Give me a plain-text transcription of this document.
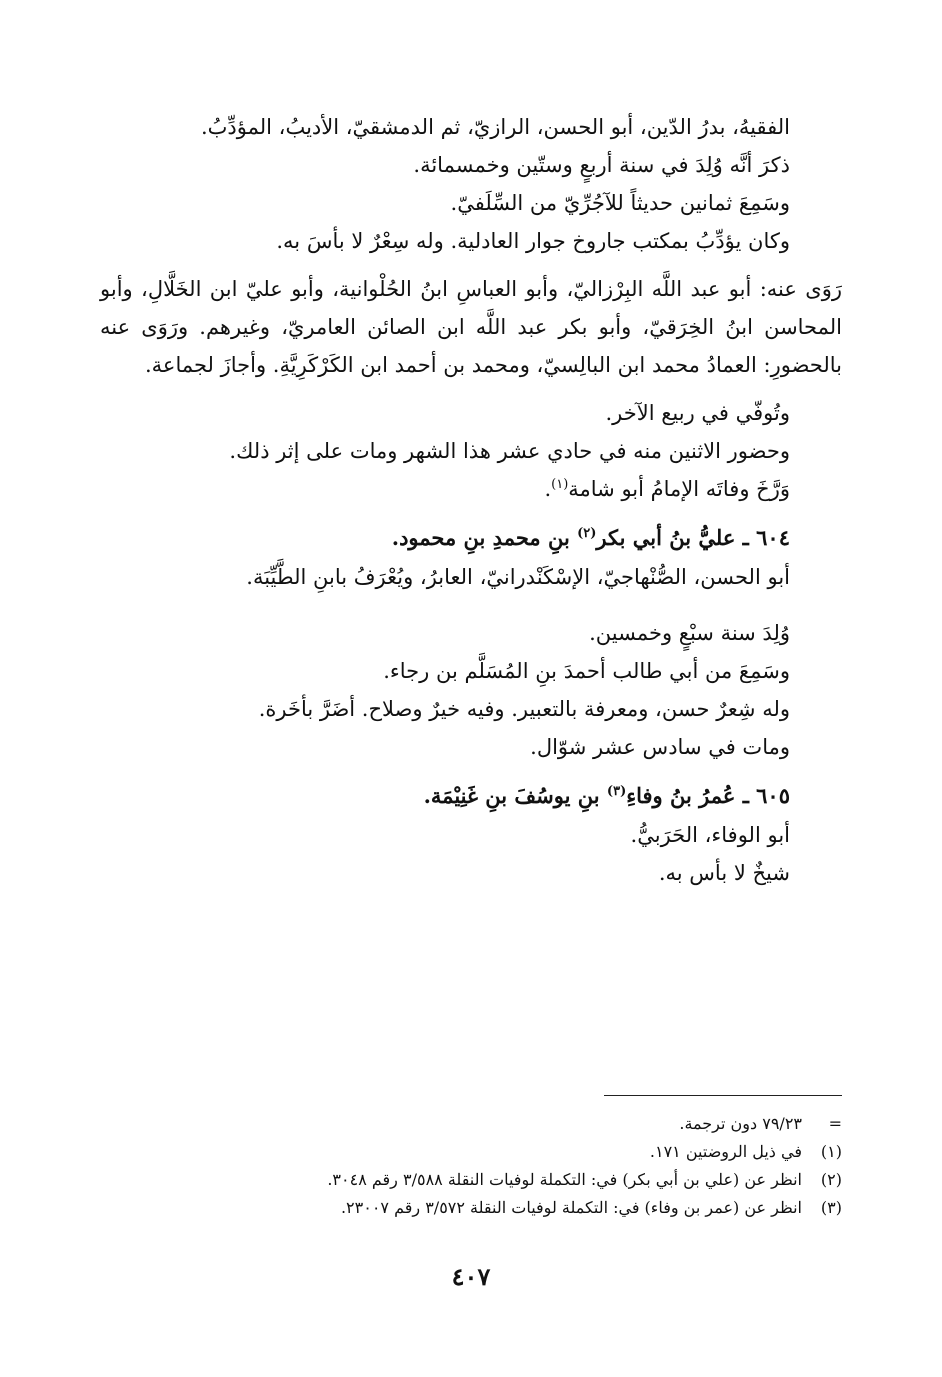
الفقيهُ، بدرُ الدّين، أبو الحسن، الرازيّ، ثم الدمشقيّ، الأديبُ، المؤدِّبُ.

ذكرَ أنَّه وُلِدَ في سنة أربعٍ وستّين وخمسمائة.

وسَمِعَ ثمانين حديثاً للآجُرِّيّ من السِّلَفيّ.

وكان يؤدِّبُ بمكتب جاروخ جوار العادلية. وله سِعْرٌ لا بأسَ به.

رَوَى عنه: أبو عبد اللَّه البِرْزاليّ، وأبو العباسِ ابنُ الحُلْوانية، وأبو عليّ ابن الخَلَّالِ، وأبو المحاسن ابنُ الخِرَقيّ، وأبو بكر عبد اللَّه ابن الصائن العامريّ، وغيرهم. ورَوَى عنه بالحضورِ: العمادُ محمد ابن البالِسيّ، ومحمد بن أحمد ابن الكَرْكَرِيَّةِ. وأجازَ لجماعة.

وتُوفّي في ربيع الآخر.

وحضور الاثنين منه في حادي عشر هذا الشهر ومات على إثر ذلك.

وَرَّخَ وفاتَه الإمامُ أبو شامة$^{(١)}$.

٦٠٤ ـ عليُّ بنُ أبي بكر$^{(٢)}$ بنِ محمدِ بنِ محمود.

أبو الحسن، الصُّنْهاجيّ، الإسْكَنْدرانيّ، العابرُ، ويُعْرَفُ بابنِ الطَّيِّبَة.

وُلِدَ سنة سبْعٍ وخمسين.

وسَمِعَ من أبي طالب أحمدَ بنِ المُسَلَّم بن رجاء.

وله شِعرٌ حسن، ومعرفة بالتعبير. وفيه خيرٌ وصلاح. أضَرَّ بأخَرة.

ومات في سادس عشر شوّال.

٦٠٥ ـ عُمرُ بنُ وفاءِ$^{(٣)}$ بنِ يوسُفَ بنِ غَنِيْمَة.

أبو الوفاء، الحَرَبيُّ.

شيخٌ لا بأس به.

=
٧٩/٢٣ دون ترجمة.
(١)
في ذيل الروضتين ١٧١.
(٢)
انظر عن (علي بن أبي بكر) في: التكملة لوفيات النقلة ٣/٥٨٨ رقم ٣٠٤٨.
(٣)
انظر عن (عمر بن وفاء) في: التكملة لوفيات النقلة ٣/٥٧٢ رقم ٢٣٠٠٧.
٤٠٧
